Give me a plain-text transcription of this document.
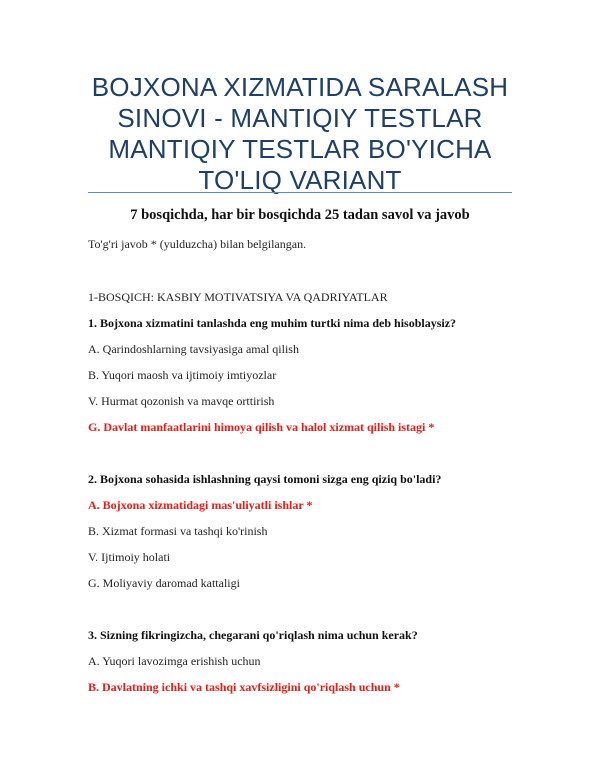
BOJXONA XIZMATIDA SARALASH
SINOVI - MANTIQIY TESTLAR
MANTIQIY TESTLAR BO'YICHA
TO'LIQ VARIANT
7 bosqichda, har bir bosqichda 25 tadan savol va javob
To'g'ri javob * (yulduzcha) bilan belgilangan.
1-BOSQICH: KASBIY MOTIVATSIYA VA QADRIYATLAR
1. Bojxona xizmatini tanlashda eng muhim turtki nima deb hisoblaysiz?
A. Qarindoshlarning tavsiyasiga amal qilish
B. Yuqori maosh va ijtimoiy imtiyozlar
V. Hurmat qozonish va mavqe orttirish
G. Davlat manfaatlarini himoya qilish va halol xizmat qilish istagi *
2. Bojxona sohasida ishlashning qaysi tomoni sizga eng qiziq bo'ladi?
A. Bojxona xizmatidagi mas'uliyatli ishlar *
B. Xizmat formasi va tashqi ko'rinish
V. Ijtimoiy holati
G. Moliyaviy daromad kattaligi
3. Sizning fikringizcha, chegarani qo'riqlash nima uchun kerak?
A. Yuqori lavozimga erishish uchun
B. Davlatning ichki va tashqi xavfsizligini qo'riqlash uchun *
